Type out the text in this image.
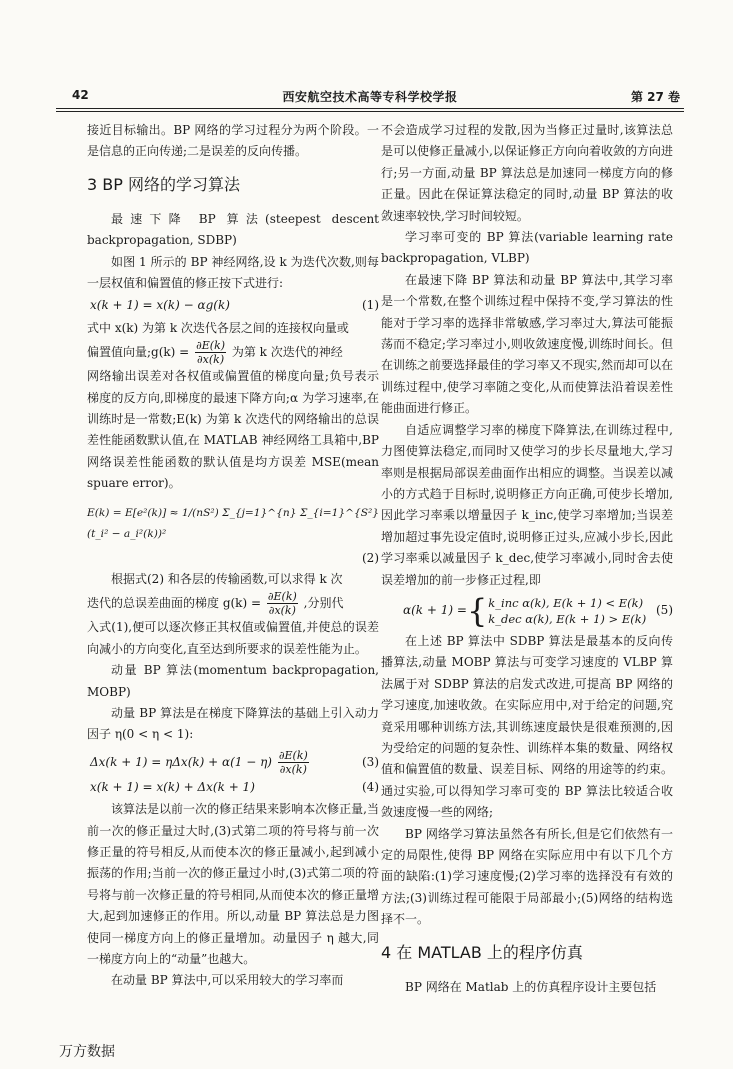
42	西安航空技术高等专科学校学报	第 27 卷

接近目标输出。BP 网络的学习过程分为两个阶段。一是信息的正向传递;二是误差的反向传播。

3 BP 网络的学习算法

最速下降 BP 算法(steepest descent backpropagation, SDBP)

如图 1 所示的 BP 神经网络,设 k 为迭代次数,则每一层权值和偏置值的修正按下式进行:

x(k + 1) = x(k) − αg(k)	(1)

式中 x(k) 为第 k 次迭代各层之间的连接权向量或

偏置值向量;g(k) = $\frac{\partial E(k)}{\partial x(k)}$ 为第 k 次迭代的神经

网络输出误差对各权值或偏置值的梯度向量;负号表示梯度的反方向,即梯度的最速下降方向;α 为学习速率,在训练时是一常数;E(k) 为第 k 次迭代的网络输出的总误差性能函数默认值,在 MATLAB 神经网络工具箱中,BP 网络误差性能函数的默认值是均方误差 MSE(mean spuare error)。

E(k) = E[e²(k)] ≈ 1/(nS²) Σ_{j=1}^{n} Σ_{i=1}^{S²} (t_i² − a_i²(k))²
(2)

根据式(2) 和各层的传输函数,可以求得 k 次

迭代的总误差曲面的梯度 $g(k) = \frac{\partial E(k)}{\partial x(k)}$ ,分别代

入式(1),便可以逐次修正其权值或偏置值,并使总的误差向减小的方向变化,直至达到所要求的误差性能为止。

动量 BP 算法(momentum backpropagation, MOBP)

动量 BP 算法是在梯度下降算法的基础上引入动力因子 η(0 < η < 1):

$\Delta x(k + 1) = \eta\Delta x(k) + \alpha(1 - \eta) \frac{\partial E(k)}{\partial x(k)}$	(3)
x(k + 1) = x(k) + Δx(k + 1)	(4)

该算法是以前一次的修正结果来影响本次修正量,当前一次的修正量过大时,(3)式第二项的符号将与前一次修正量的符号相反,从而使本次的修正量减小,起到减小振荡的作用;当前一次的修正量过小时,(3)式第二项的符号将与前一次修正量的符号相同,从而使本次的修正量增大,起到加速修正的作用。所以,动量 BP 算法总是力图使同一梯度方向上的修正量增加。动量因子 η 越大,同一梯度方向上的“动量”也越大。

在动量 BP 算法中,可以采用较大的学习率而

不会造成学习过程的发散,因为当修正过量时,该算法总是可以使修正量减小,以保证修正方向向着收敛的方向进行;另一方面,动量 BP 算法总是加速同一梯度方向的修正量。因此在保证算法稳定的同时,动量 BP 算法的收敛速率较快,学习时间较短。

学习率可变的 BP 算法(variable learning rate backpropagation, VLBP)

在最速下降 BP 算法和动量 BP 算法中,其学习率是一个常数,在整个训练过程中保持不变,学习算法的性能对于学习率的选择非常敏感,学习率过大,算法可能振荡而不稳定;学习率过小,则收敛速度慢,训练时间长。但在训练之前要选择最佳的学习率又不现实,然而却可以在训练过程中,使学习率随之变化,从而使算法沿着误差性能曲面进行修正。

自适应调整学习率的梯度下降算法,在训练过程中,力图使算法稳定,而同时又使学习的步长尽量地大,学习率则是根据局部误差曲面作出相应的调整。当误差以减小的方式趋于目标时,说明修正方向正确,可使步长增加,因此学习率乘以增量因子 k_inc,使学习率增加;当误差增加超过事先设定值时,说明修正过头,应减小步长,因此学习率乘以减量因子 k_dec,使学习率减小,同时舍去使误差增加的前一步修正过程,即

α(k + 1) = { k_inc α(k), E(k + 1) < E(k)
k_dec α(k), E(k + 1) > E(k)
(5)

在上述 BP 算法中 SDBP 算法是最基本的反向传播算法,动量 MOBP 算法与可变学习速度的 VLBP 算法属于对 SDBP 算法的启发式改进,可提高 BP 网络的学习速度,加速收敛。在实际应用中,对于给定的问题,究竟采用哪种训练方法,其训练速度最快是很难预测的,因为受给定的问题的复杂性、训练样本集的数量、网络权值和偏置值的数量、误差目标、网络的用途等的约束。通过实验,可以得知学习率可变的 BP 算法比较适合收敛速度慢一些的网络;

BP 网络学习算法虽然各有所长,但是它们依然有一定的局限性,使得 BP 网络在实际应用中有以下几个方面的缺陷:(1)学习速度慢;(2)学习率的选择没有有效的方法;(3)训练过程可能限于局部最小;(5)网络的结构选择不一。

4 在 MATLAB 上的程序仿真

BP 网络在 Matlab 上的仿真程序设计主要包括

万方数据
